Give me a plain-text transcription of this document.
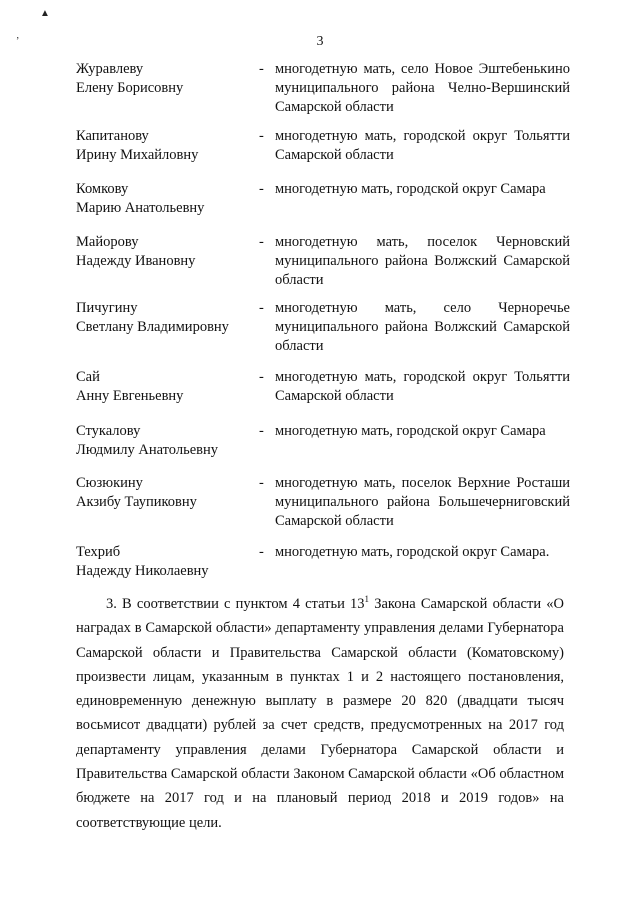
▲
’	3
Журавлеву
Елену Борисовну
- многодетную мать, село Новое Эштебенькино муниципального района Челно-Вершинский Самарской области
Капитанову
Ирину Михайловну
- многодетную мать, городской округ Тольятти Самарской области
Комкову
Марию Анатольевну
- многодетную мать, городской округ Самара
Майорову
Надежду Ивановну
- многодетную мать, поселок Черновский муниципального района Волжский Самарской области
Пичугину
Светлану Владимировну
- многодетную мать, село Черноречье муниципального района Волжский Самарской области
Сай
Анну Евгеньевну
- многодетную мать, городской округ Тольятти Самарской области
Стукалову
Людмилу Анатольевну
- многодетную мать, городской округ Самара
Сюзюкину
Акзибу Таупиковну
- многодетную мать, поселок Верхние Росташи муниципального района Большечерниговский Самарской области
Техриб
Надежду Николаевну
- многодетную мать, городской округ Самара.
3. В соответствии с пунктом 4 статьи $13^1$ Закона Самарской области «О наградах в Самарской области» департаменту управления делами Губернатора Самарской области и Правительства Самарской области (Коматовскому) произвести лицам, указанным в пунктах 1 и 2 настоящего постановления, единовременную денежную выплату в размере 20 820 (двадцати тысяч восьмисот двадцати) рублей за счет средств, предусмотренных на 2017 год департаменту управления делами Губернатора Самарской области и Правительства Самарской области Законом Самарской области «Об областном бюджете на 2017 год и на плановый период 2018 и 2019 годов» на соответствующие цели.
